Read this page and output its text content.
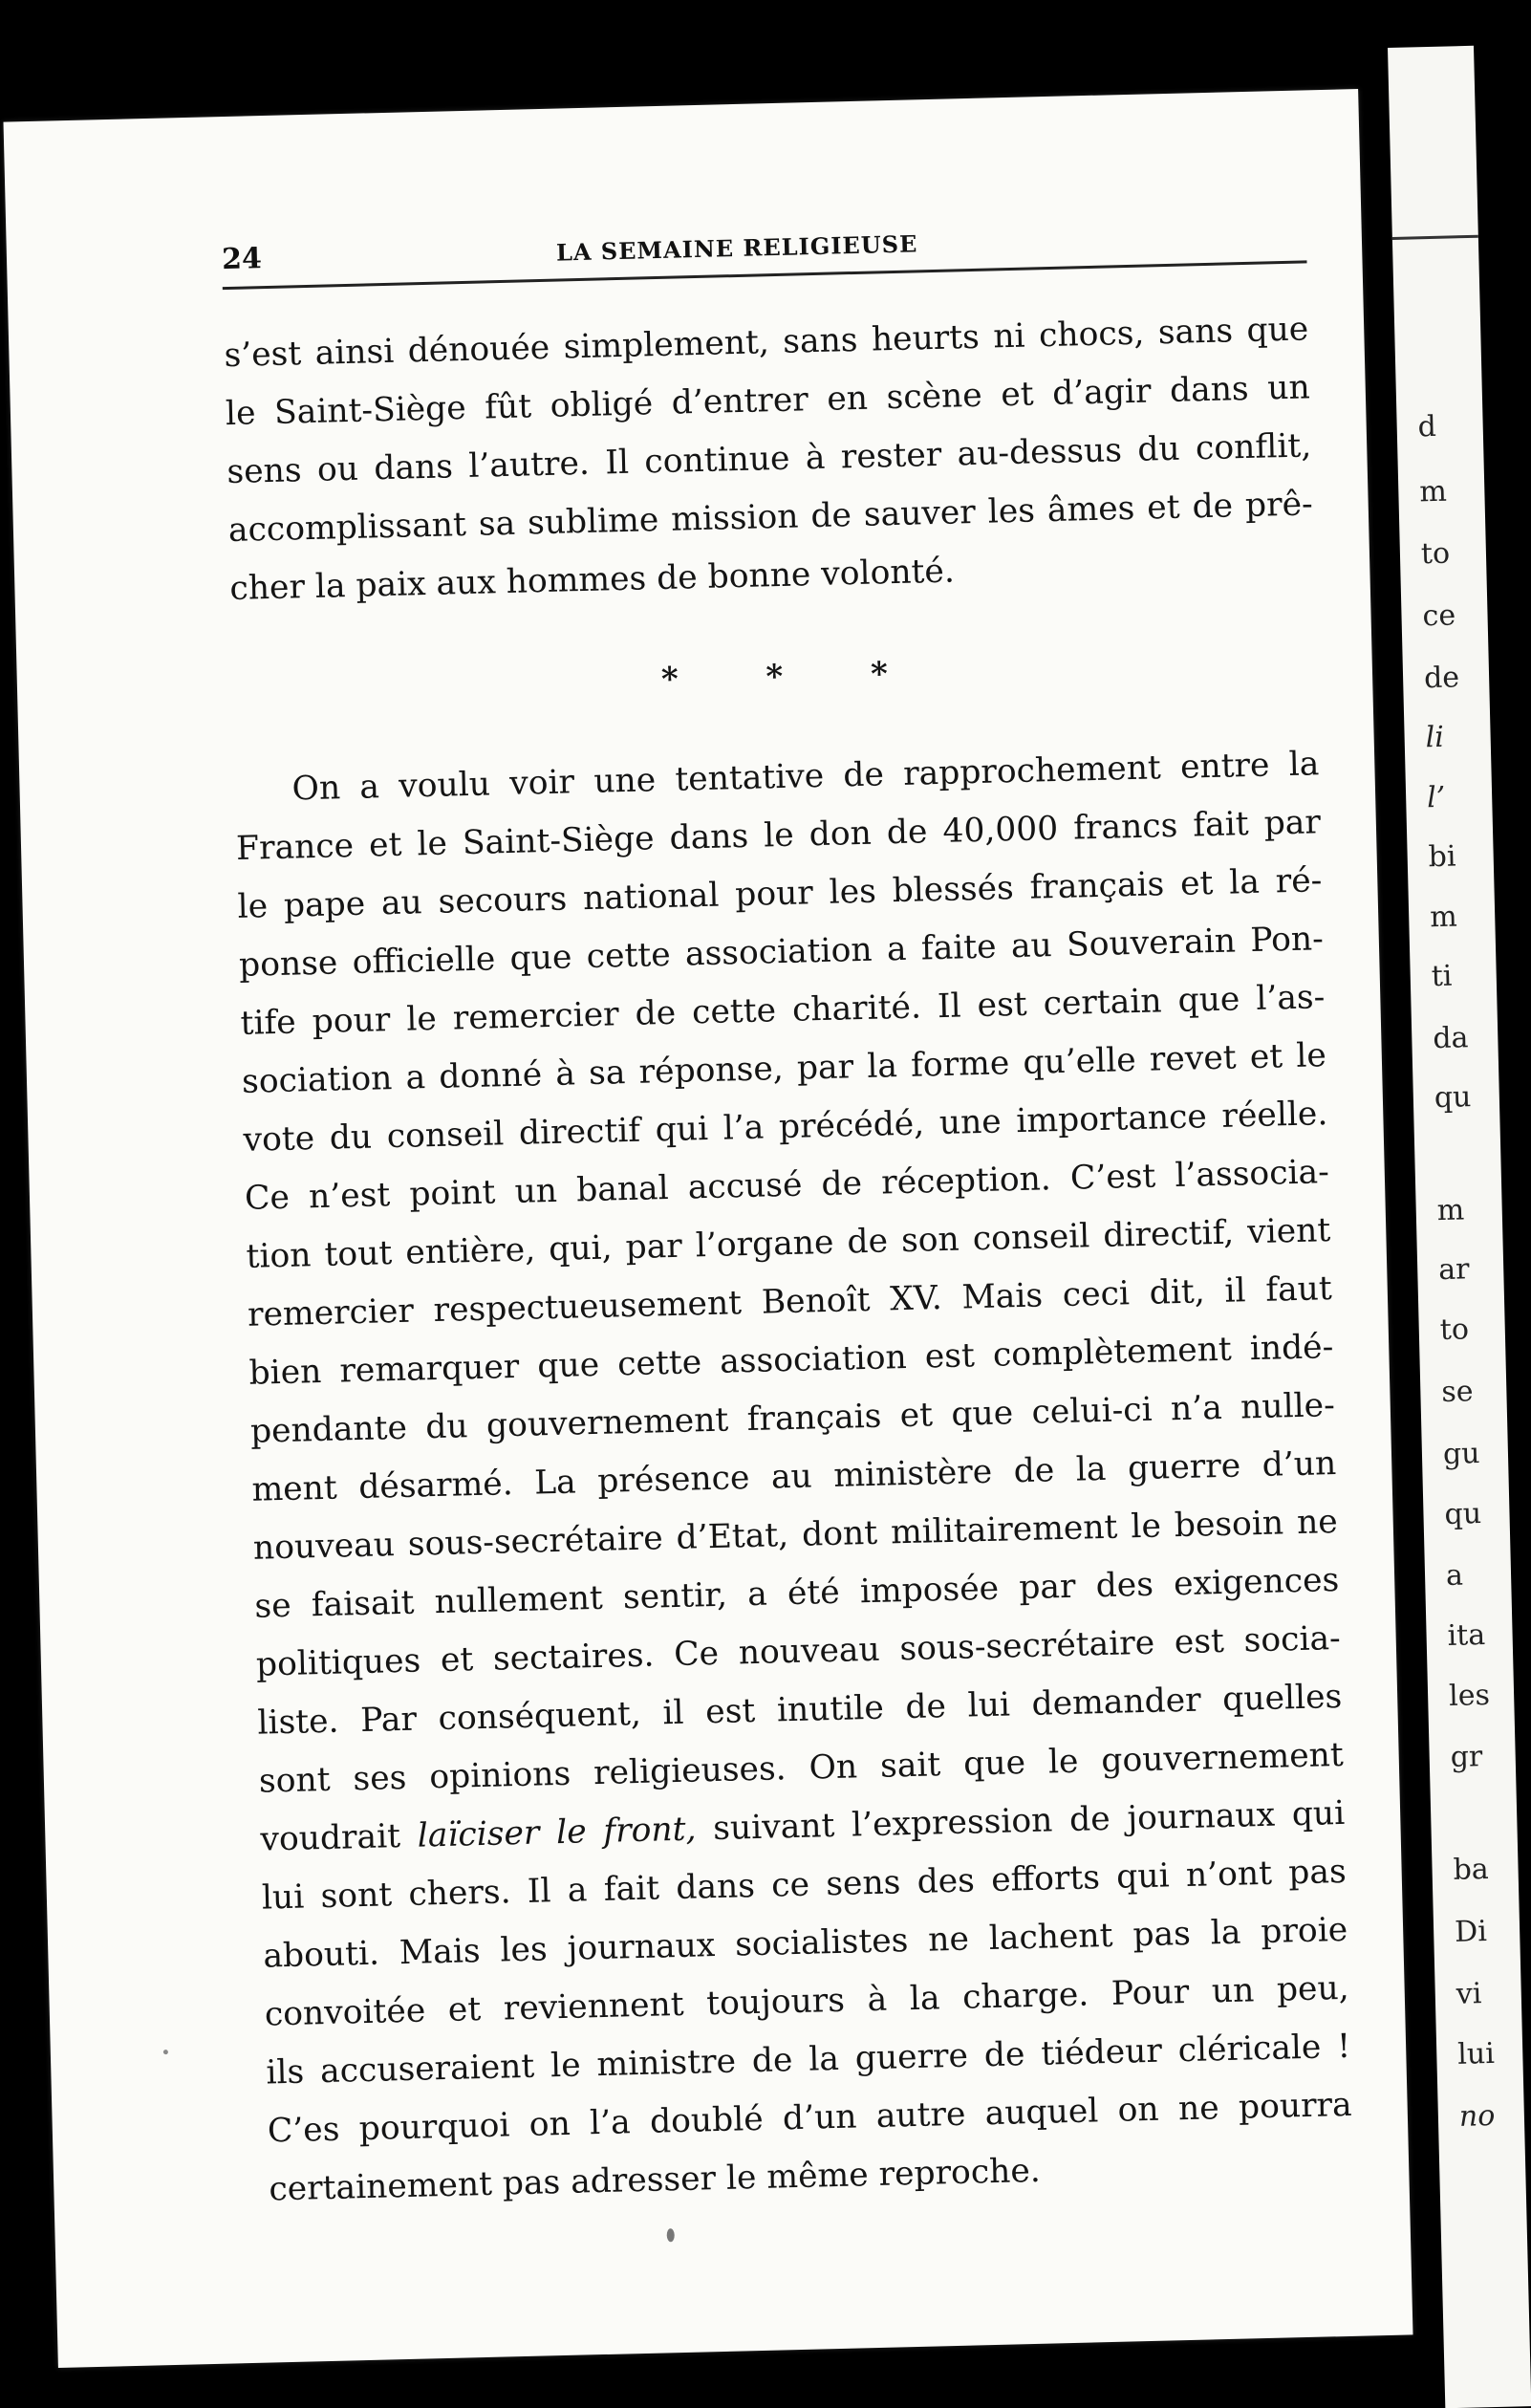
24	LA SEMAINE RELIGIEUSE
s’est ainsi dénouée simplement, sans heurts ni chocs, sans que
le Saint-Siège fût obligé d’entrer en scène et d’agir dans un
sens ou dans l’autre. Il continue à rester au-dessus du conflit,
accomplissant sa sublime mission de sauver les âmes et de prê-
cher la paix aux hommes de bonne volonté.
* * *
On a voulu voir une tentative de rapprochement entre la
France et le Saint-Siège dans le don de 40,000 francs fait par
le pape au secours national pour les blessés français et la ré-
ponse officielle que cette association a faite au Souverain Pon-
tife pour le remercier de cette charité. Il est certain que l’as-
sociation a donné à sa réponse, par la forme qu’elle revet et le
vote du conseil directif qui l’a précédé, une importance réelle.
Ce n’est point un banal accusé de réception. C’est l’associa-
tion tout entière, qui, par l’organe de son conseil directif, vient
remercier respectueusement Benoît XV. Mais ceci dit, il faut
bien remarquer que cette association est complètement indé-
pendante du gouvernement français et que celui-ci n’a nulle-
ment désarmé. La présence au ministère de la guerre d’un
nouveau sous-secrétaire d’Etat, dont militairement le besoin ne
se faisait nullement sentir, a été imposée par des exigences
politiques et sectaires. Ce nouveau sous-secrétaire est socia-
liste. Par conséquent, il est inutile de lui demander quelles
sont ses opinions religieuses. On sait que le gouvernement
voudrait laïciser le front, suivant l’expression de journaux qui
lui sont chers. Il a fait dans ce sens des efforts qui n’ont pas
abouti. Mais les journaux socialistes ne lachent pas la proie
convoitée et reviennent toujours à la charge. Pour un peu,
ils accuseraient le ministre de la guerre de tiédeur cléricale !
C’es pourquoi on l’a doublé d’un autre auquel on ne pourra
certainement pas adresser le même reproche.
d
m
to
ce
de
li
l’
bi
m
ti
da
qu
m
ar
to
se
gu
qu
a
ita
les
gr
ba
Di
vi
lui
no
